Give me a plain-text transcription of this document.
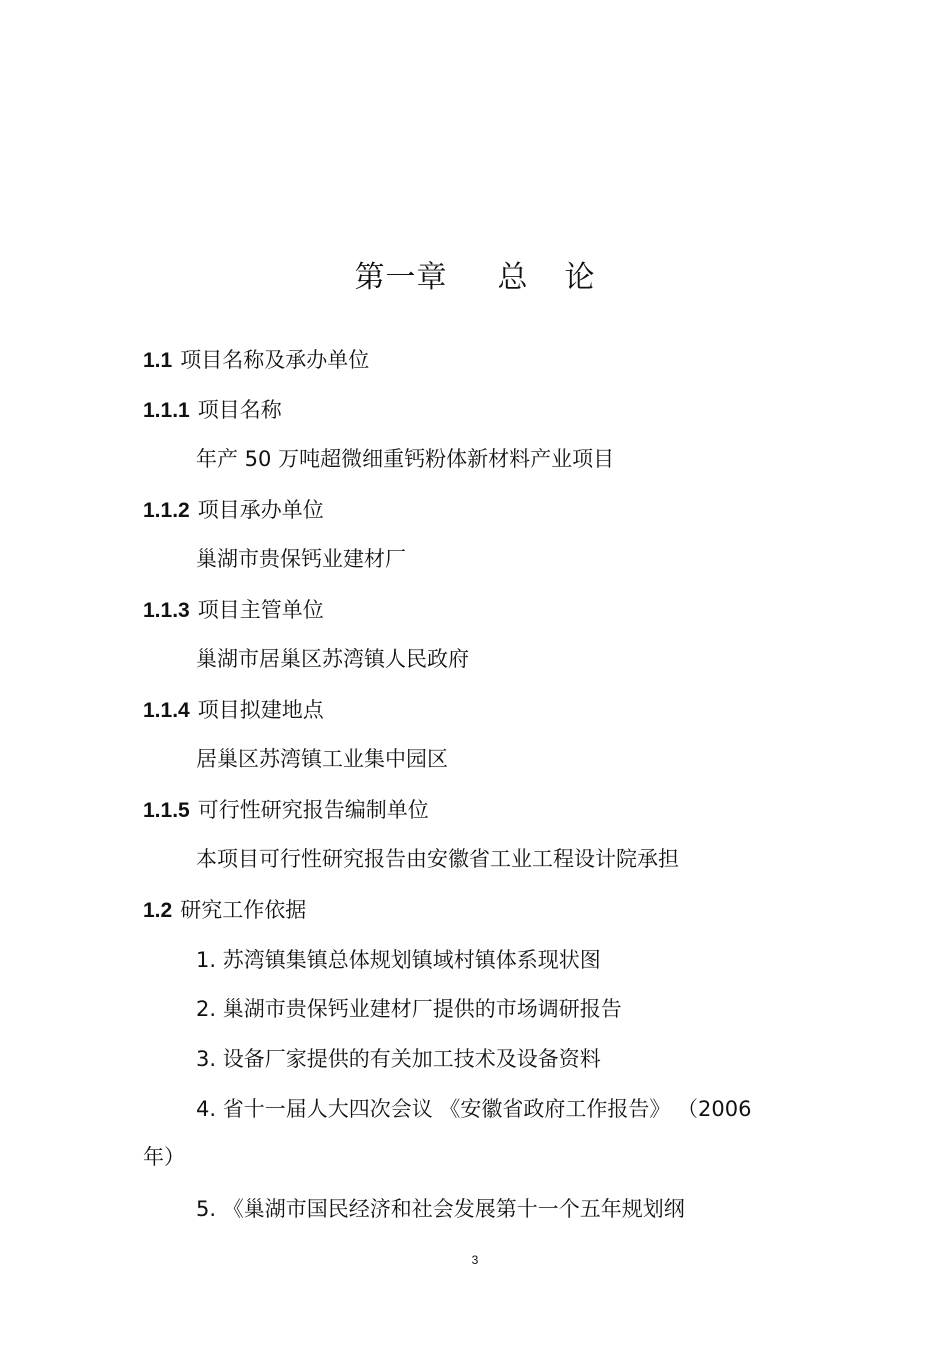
第一章 总 论
1.1 项目名称及承办单位
1.1.1 项目名称
年产 50 万吨超微细重钙粉体新材料产业项目
1.1.2 项目承办单位
巢湖市贵保钙业建材厂
1.1.3 项目主管单位
巢湖市居巢区苏湾镇人民政府
1.1.4 项目拟建地点
居巢区苏湾镇工业集中园区
1.1.5 可行性研究报告编制单位
本项目可行性研究报告由安徽省工业工程设计院承担
1.2 研究工作依据
1. 苏湾镇集镇总体规划镇域村镇体系现状图
2. 巢湖市贵保钙业建材厂提供的市场调研报告
3. 设备厂家提供的有关加工技术及设备资料
4. 省十一届人大四次会议 《安徽省政府工作报告》 （2006
年）
5. 《巢湖市国民经济和社会发展第十一个五年规划纲
3
